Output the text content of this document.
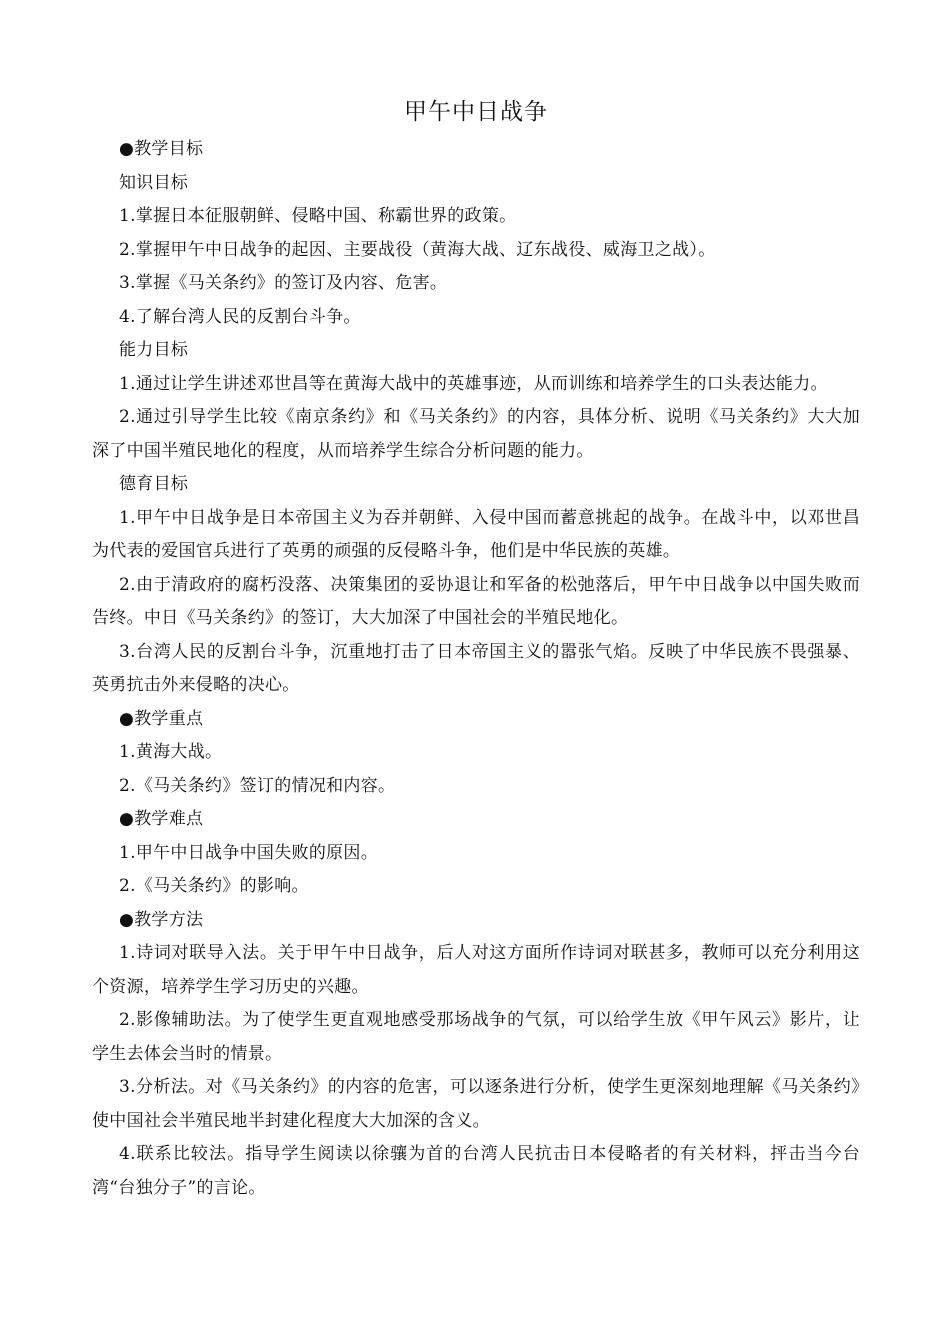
甲午中日战争

●教学目标

知识目标

1.掌握日本征服朝鲜、侵略中国、称霸世界的政策。

2.掌握甲午中日战争的起因、主要战役（黄海大战、辽东战役、威海卫之战）。

3.掌握《马关条约》的签订及内容、危害。

4.了解台湾人民的反割台斗争。

能力目标

1.通过让学生讲述邓世昌等在黄海大战中的英雄事迹，从而训练和培养学生的口头表达能力。

2.通过引导学生比较《南京条约》和《马关条约》的内容，具体分析、说明《马关条约》大大加深了中国半殖民地化的程度，从而培养学生综合分析问题的能力。

德育目标

1.甲午中日战争是日本帝国主义为吞并朝鲜、入侵中国而蓄意挑起的战争。在战斗中，以邓世昌为代表的爱国官兵进行了英勇的顽强的反侵略斗争，他们是中华民族的英雄。

2.由于清政府的腐朽没落、决策集团的妥协退让和军备的松弛落后，甲午中日战争以中国失败而告终。中日《马关条约》的签订，大大加深了中国社会的半殖民地化。

3.台湾人民的反割台斗争，沉重地打击了日本帝国主义的嚣张气焰。反映了中华民族不畏强暴、英勇抗击外来侵略的决心。

●教学重点

1.黄海大战。

2.《马关条约》签订的情况和内容。

●教学难点

1.甲午中日战争中国失败的原因。

2.《马关条约》的影响。

●教学方法

1.诗词对联导入法。关于甲午中日战争，后人对这方面所作诗词对联甚多，教师可以充分利用这个资源，培养学生学习历史的兴趣。

2.影像辅助法。为了使学生更直观地感受那场战争的气氛，可以给学生放《甲午风云》影片，让学生去体会当时的情景。

3.分析法。对《马关条约》的内容的危害，可以逐条进行分析，使学生更深刻地理解《马关条约》使中国社会半殖民地半封建化程度大大加深的含义。

4.联系比较法。指导学生阅读以徐骧为首的台湾人民抗击日本侵略者的有关材料，抨击当今台湾“台独分子”的言论。
